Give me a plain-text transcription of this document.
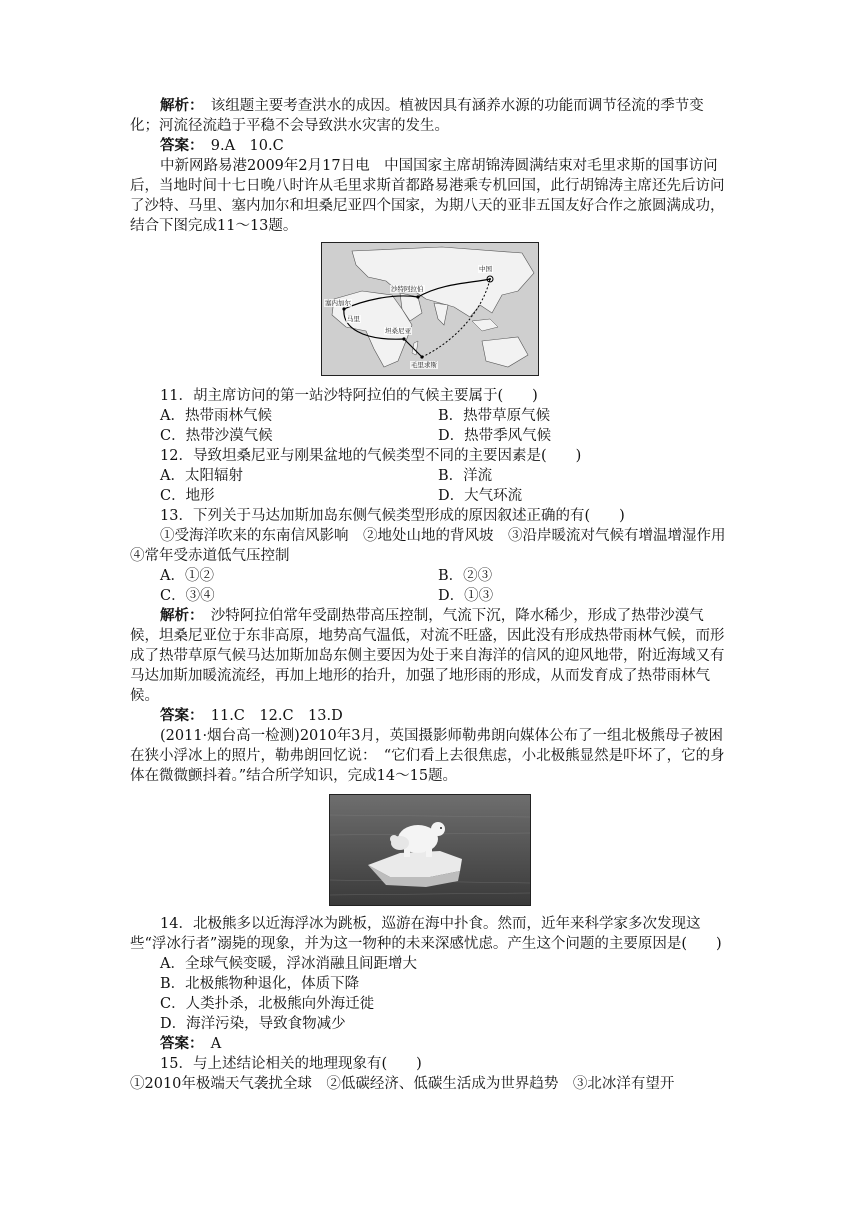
解析：　 该组题主要考查洪水的成因。植被因具有涵养水源的功能而调节径流的季节变化；河流径流趋于平稳不会导致洪水灾害的发生。

答案：　 9.A　10.C

中新网路易港2009年2月17日电　中国国家主席胡锦涛圆满结束对毛里求斯的国事访问后，当地时间十七日晚八时许从毛里求斯首都路易港乘专机回国，此行胡锦涛主席还先后访问了沙特、马里、塞内加尔和坦桑尼亚四个国家，为期八天的亚非五国友好合作之旅圆满成功，结合下图完成11～13题。

中国
沙特阿拉伯
塞内加尔
马里
坦桑尼亚
毛里求斯

11．胡主席访问的第一站沙特阿拉伯的气候主要属于(　　)

A．热带雨林气候	B．热带草原气候
C．热带沙漠气候	D．热带季风气候

12．导致坦桑尼亚与刚果盆地的气候类型不同的主要因素是(　　)

A．太阳辐射	B．洋流
C．地形	D．大气环流

13．下列关于马达加斯加岛东侧气候类型形成的原因叙述正确的有(　　)

①受海洋吹来的东南信风影响　②地处山地的背风坡　③沿岸暖流对气候有增温增湿作用　④常年受赤道低气压控制

A．①②	B．②③
C．③④	D．①③

解析：　 沙特阿拉伯常年受副热带高压控制，气流下沉，降水稀少，形成了热带沙漠气候，坦桑尼亚位于东非高原，地势高气温低，对流不旺盛，因此没有形成热带雨林气候，而形成了热带草原气候马达加斯加岛东侧主要因为处于来自海洋的信风的迎风地带，附近海域又有马达加斯加暖流流经，再加上地形的抬升，加强了地形雨的形成，从而发育成了热带雨林气候。

答案：　 11.C　12.C　13.D

(2011·烟台高一检测)2010年3月，英国摄影师勒弗朗向媒体公布了一组北极熊母子被困在狭小浮冰上的照片，勒弗朗回忆说：　“它们看上去很焦虑，小北极熊显然是吓坏了，它的身体在微微颤抖着。”结合所学知识，完成14～15题。

14．北极熊多以近海浮冰为跳板，巡游在海中扑食。然而，近年来科学家多次发现这些“浮冰行者”溺毙的现象，并为这一物种的未来深感忧虑。产生这个问题的主要原因是(　　)

A．全球气候变暖，浮冰消融且间距增大

B．北极熊物种退化，体质下降

C．人类扑杀，北极熊向外海迁徙

D．海洋污染，导致食物减少

答案：　 A

15．与上述结论相关的地理现象有(　　)

①2010年极端天气袭扰全球　②低碳经济、低碳生活成为世界趋势　③北冰洋有望开
